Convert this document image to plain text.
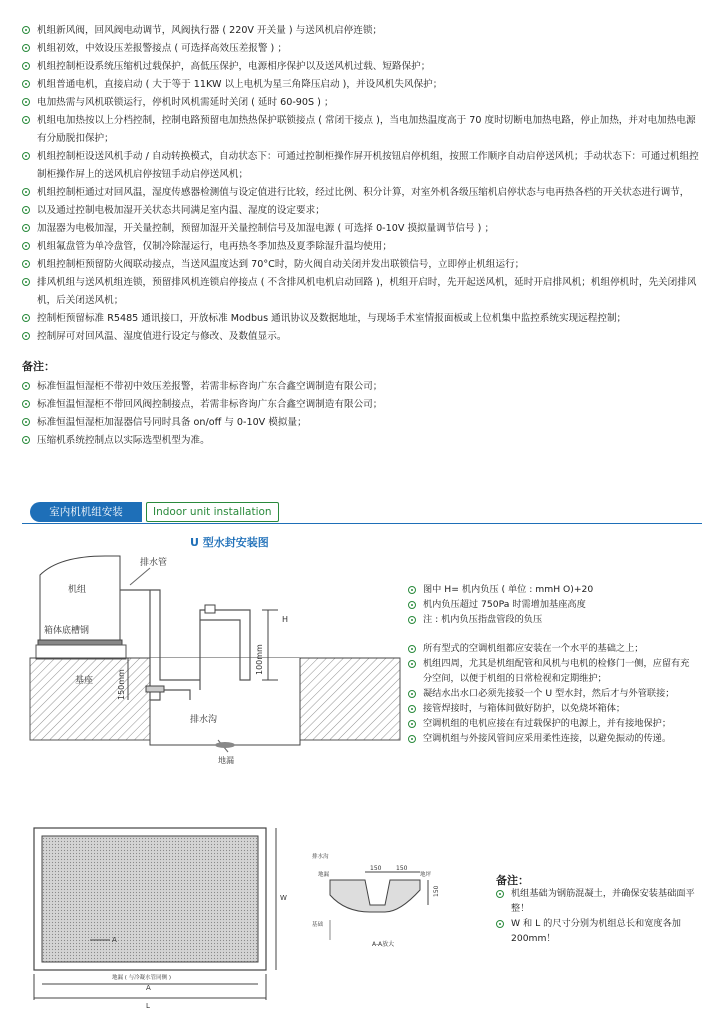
机组新风阀，回风阀电动调节，风阀执行器 ( 220V 开关量 ) 与送风机启停连锁；
机组初效，中效设压差报警接点 ( 可选择高效压差报警 ) ；
机组控制柜设系统压缩机过载保护，高低压保护，电源相序保护以及送风机过载、短路保护；
机组普通电机，直接启动 ( 大于等于 11KW 以上电机为星三角降压启动 )，并设风机失风保护；
电加热需与风机联锁运行，停机时风机需延时关闭 ( 延时 60-90S ) ；
机组电加热按以上分档控制，控制电路预留电加热热保护联锁接点 ( 常闭干接点 )，当电加热温度高于 70 度时切断电加热电路，停止加热，并对电加热电源有分励脱扣保护；
机组控制柜设送风机手动 / 自动转换模式，自动状态下：可通过控制柜操作屏开机按钮启停机组，按照工作顺序自动启停送风机；手动状态下：可通过机组控制柜操作屏上的送风机启停按钮手动启停送风机；
机组控制柜通过对回风温，湿度传感器检测值与设定值进行比较，经过比例、积分计算，对室外机各级压缩机启停状态与电再热各档的开关状态进行调节，
以及通过控制电极加湿开关状态共同满足室内温、湿度的设定要求；
加湿器为电极加湿，开关量控制，预留加湿开关量控制信号及加湿电源 ( 可选择 0-10V 摸拟量调节信号 ) ；
机组氟盘管为单冷盘管，仅制冷除湿运行，电再热冬季加热及夏季除湿升温均使用；
机组控制柜预留防火阀联动接点，当送风温度达到 70°C时，防火阀自动关闭并发出联锁信号，立即停止机组运行；
排风机组与送风机组连锁，预留排风机连锁启停接点 ( 不含排风机电机启动回路 )，机组开启时，先开起送风机，延时开启排风机；机组停机时，先关闭排风机，后关闭送风机；
控制柜预留标准 R5485 通讯接口，开放标准 Modbus 通讯协议及数据地址，与现场手术室情报面板或上位机集中监控系统实现远程控制；
控制屏可对回风温、湿度值进行设定与修改、及数值显示。
备注：
标准恒温恒湿柜不带初中效压差报警，若需非标咨询广东合鑫空调制造有限公司；
标准恒温恒湿柜不带回风阀控制接点，若需非标咨询广东合鑫空调制造有限公司；
标准恒温恒湿柜加湿器信号同时具备 on/off 与 0-10V 模拟量；
压缩机系统控制点以实际选型机型为准。
室内机机组安装	Indoor unit installation
U 型水封安装图
排水管
机组
箱体底槽钢
基座
H
100mm
150mm
排水沟
地漏
A
A
L
W
地漏 ( 与冷凝水管同侧 )
排水沟
地漏	地坪
基础
150 150
150
A-A放大
图中 H= 机内负压 ( 单位 : mmH O)+20
机内负压超过 750Pa 时需增加基座高度
注 : 机内负压指盘管段的负压
所有型式的空调机组都应安装在一个水平的基础之上；
机组四周，尤其是机组配管和风机与电机的检修门一侧，应留有充分空间，以便于机组的日常检视和定期维护；
凝结水出水口必须先接驳一个 U 型水封，然后才与外管联接；
接管焊接时，与箱体间做好防护，以免烧坏箱体；
空调机组的电机应接在有过载保护的电源上，并有接地保护；
空调机组与外接风管间应采用柔性连接，以避免振动的传递。
备注：
机组基础为钢筋混凝土，并确保安装基础面平整！
W 和 L 的尺寸分别为机组总长和宽度各加200mm！
